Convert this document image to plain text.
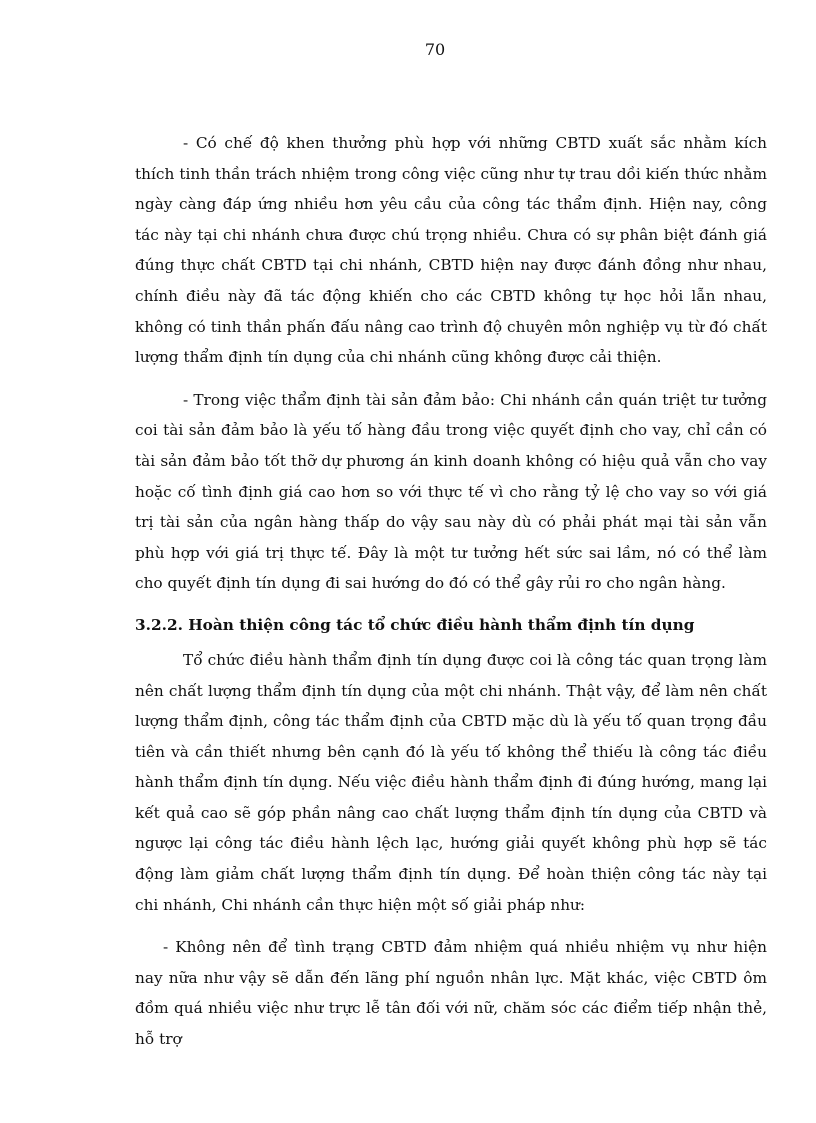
70

- Có chế độ khen thưởng phù hợp với những CBTD xuất sắc nhằm kích thích tinh thần trách nhiệm trong công việc cũng như tự trau dồi kiến thức nhằm ngày càng đáp ứng nhiều hơn yêu cầu của công tác thẩm định. Hiện nay, công tác này tại chi nhánh chưa được chú trọng nhiều. Chưa có sự phân biệt đánh giá đúng thực chất CBTD tại chi nhánh, CBTD hiện nay được đánh đồng như nhau, chính điều này đã tác động khiến cho các CBTD không tự học hỏi lẫn nhau, không có tinh thần phấn đấu nâng cao trình độ chuyên môn nghiệp vụ từ đó chất lượng thẩm định tín dụng của chi nhánh cũng không được cải thiện.

- Trong việc thẩm định tài sản đảm bảo: Chi nhánh cần quán triệt tư tưởng coi tài sản đảm bảo là yếu tố hàng đầu trong việc quyết định cho vay, chỉ cần có tài sản đảm bảo tốt thỡ dự phương án kinh doanh không có hiệu quả vẫn cho vay hoặc cố tình định giá cao hơn so với thực tế vì cho rằng tỷ lệ cho vay so với giá trị tài sản của ngân hàng thấp do vậy sau này dù có phải phát mại tài sản vẫn phù hợp với giá trị thực tế. Đây là một tư tưởng hết sức sai lầm, nó có thể làm cho quyết định tín dụng đi sai hướng do đó có thể gây rủi ro cho ngân hàng.

3.2.2. Hoàn thiện công tác tổ chức điều hành thẩm định tín dụng

Tổ chức điều hành thẩm định tín dụng được coi là công tác quan trọng làm nên chất lượng thẩm định tín dụng của một chi nhánh. Thật vậy, để làm nên chất lượng thẩm định, công tác thẩm định của CBTD mặc dù là yếu tố quan trọng đầu tiên và cần thiết nhưng bên cạnh đó là yếu tố không thể thiếu là công tác điều hành thẩm định tín dụng. Nếu việc điều hành thẩm định đi đúng hướng, mang lại kết quả cao sẽ góp phần nâng cao chất lượng thẩm định tín dụng của CBTD và ngược lại công tác điều hành lệch lạc, hướng giải quyết không phù hợp sẽ tác động làm giảm chất lượng thẩm định tín dụng. Để hoàn thiện công tác này tại chi nhánh, Chi nhánh cần thực hiện một số giải pháp như:

- Không nên để tình trạng CBTD đảm nhiệm quá nhiều nhiệm vụ như hiện nay nữa như vậy sẽ dẫn đến lãng phí nguồn nhân lực. Mặt khác, việc CBTD ôm đồm quá nhiều việc như trực lễ tân đối với nữ, chăm sóc các điểm tiếp nhận thẻ, hỗ trợ
